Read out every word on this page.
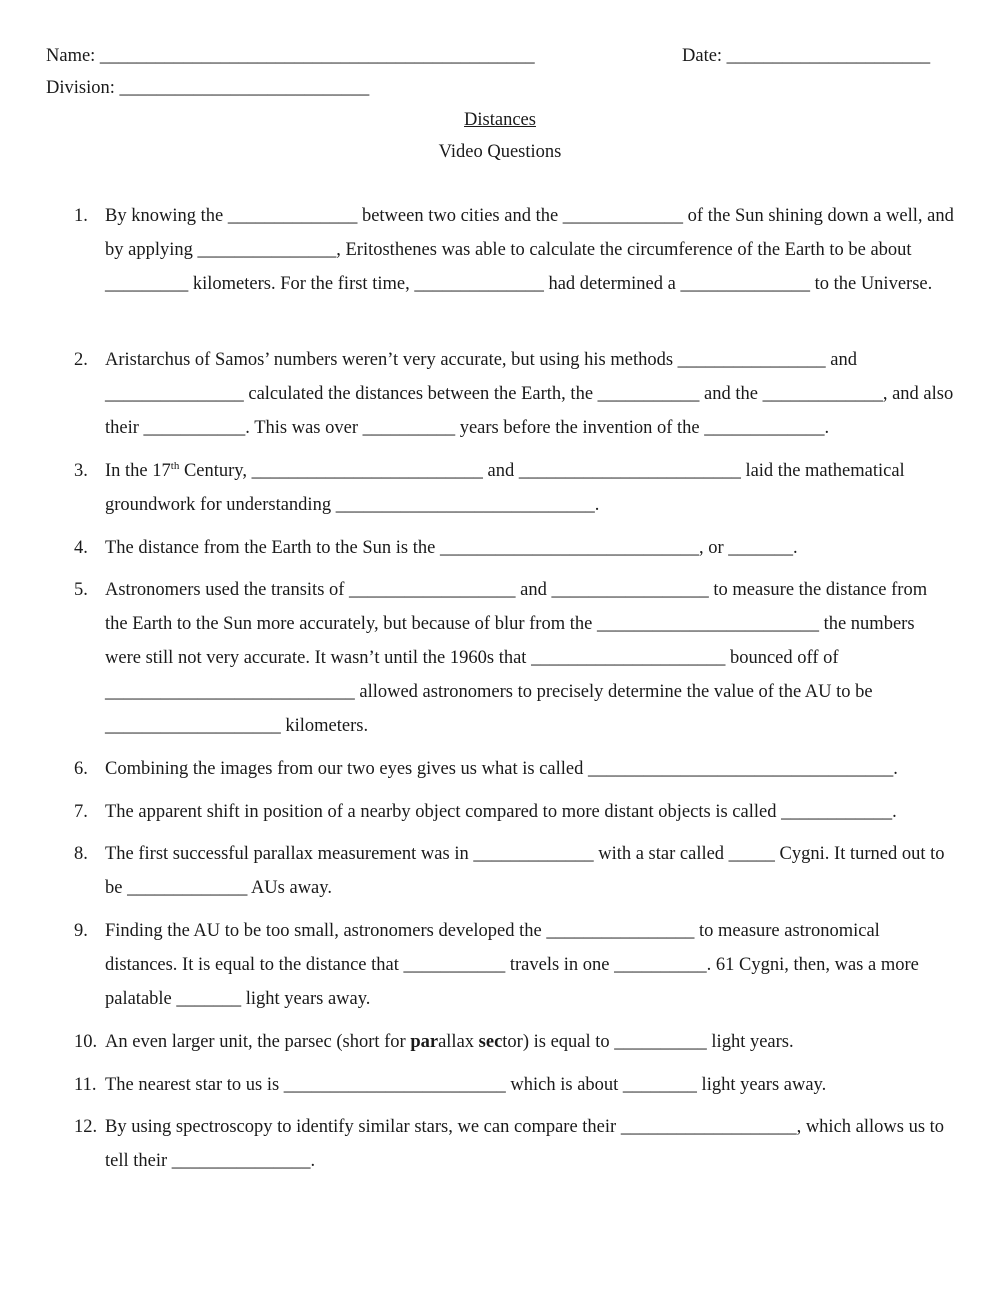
Name: _______________________________________________	Date: ______________________
Division: ___________________________
Distances
Video Questions
1. By knowing the ______________ between two cities and the _____________ of the Sun shining down a well, and by applying _______________, Eritosthenes was able to calculate the circumference of the Earth to be about _________ kilometers. For the first time, ______________ had determined a ______________ to the Universe.
2. Aristarchus of Samos’ numbers weren’t very accurate, but using his methods ________________ and _______________ calculated the distances between the Earth, the ___________ and the _____________, and also their ___________. This was over __________ years before the invention of the _____________.
3. In the 17th Century, _________________________ and ________________________ laid the mathematical groundwork for understanding ____________________________.
4. The distance from the Earth to the Sun is the ____________________________, or _______.
5. Astronomers used the transits of __________________ and _________________ to measure the distance from the Earth to the Sun more accurately, but because of blur from the ________________________ the numbers were still not very accurate. It wasn’t until the 1960s that _____________________ bounced off of ___________________________ allowed astronomers to precisely determine the value of the AU to be ___________________ kilometers.
6. Combining the images from our two eyes gives us what is called _________________________________.
7. The apparent shift in position of a nearby object compared to more distant objects is called ____________.
8. The first successful parallax measurement was in _____________ with a star called _____ Cygni. It turned out to be _____________ AUs away.
9. Finding the AU to be too small, astronomers developed the ________________ to measure astronomical distances. It is equal to the distance that ___________ travels in one __________. 61 Cygni, then, was a more palatable _______ light years away.
10. An even larger unit, the parsec (short for parallax sector) is equal to __________ light years.
11. The nearest star to us is ________________________ which is about ________ light years away.
12. By using spectroscopy to identify similar stars, we can compare their ___________________, which allows us to tell their _______________.
